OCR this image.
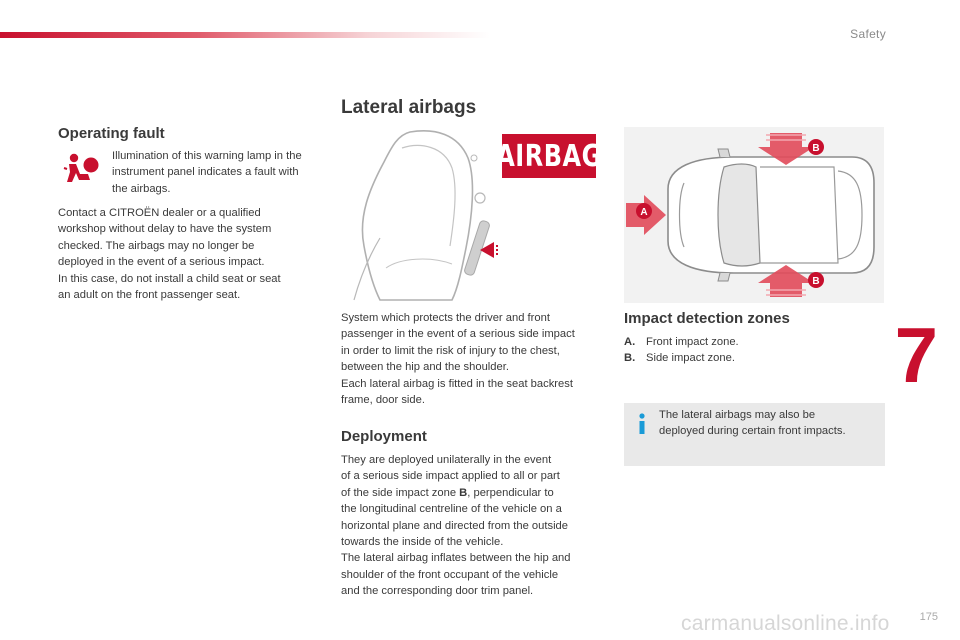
Safety
7
Operating fault
Illumination of this warning lamp in the instrument panel indicates a fault with the airbags.
Contact a CITROËN dealer or a qualified
workshop without delay to have the system
checked. The airbags may no longer be
deployed in the event of a serious impact.
In this case, do not install a child seat or seat
an adult on the front passenger seat.
Lateral airbags
AIRBAG
System which protects the driver and front
passenger in the event of a serious side impact
in order to limit the risk of injury to the chest,
between the hip and the shoulder.
Each lateral airbag is fitted in the seat backrest
frame, door side.
Deployment
They are deployed unilaterally in the event
of a serious side impact applied to all or part
of the side impact zone B, perpendicular to
the longitudinal centreline of the vehicle on a
horizontal plane and directed from the outside
towards the inside of the vehicle.
The lateral airbag inflates between the hip and
shoulder of the front occupant of the vehicle
and the corresponding door trim panel.
A
B
B
Impact detection zones
A. Front impact zone.
B. Side impact zone.
The lateral airbags may also be
deployed during certain front impacts.
carmanualsonline.info	175
